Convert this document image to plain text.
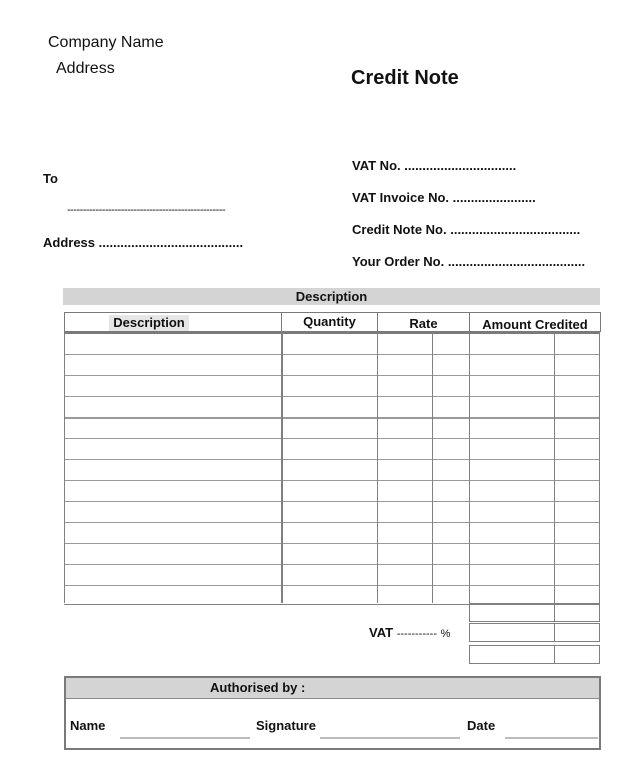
Company Name
Address	Credit Note
To
--------------------------------------------------
Address ........................................
VAT No. ...............................
VAT Invoice No. .......................
Credit Note No. ....................................
Your Order No. ......................................
Description
Description	Quantity	Rate	Amount Credited
VAT ----------- %
Authorised by :
Name	Signature	Date
